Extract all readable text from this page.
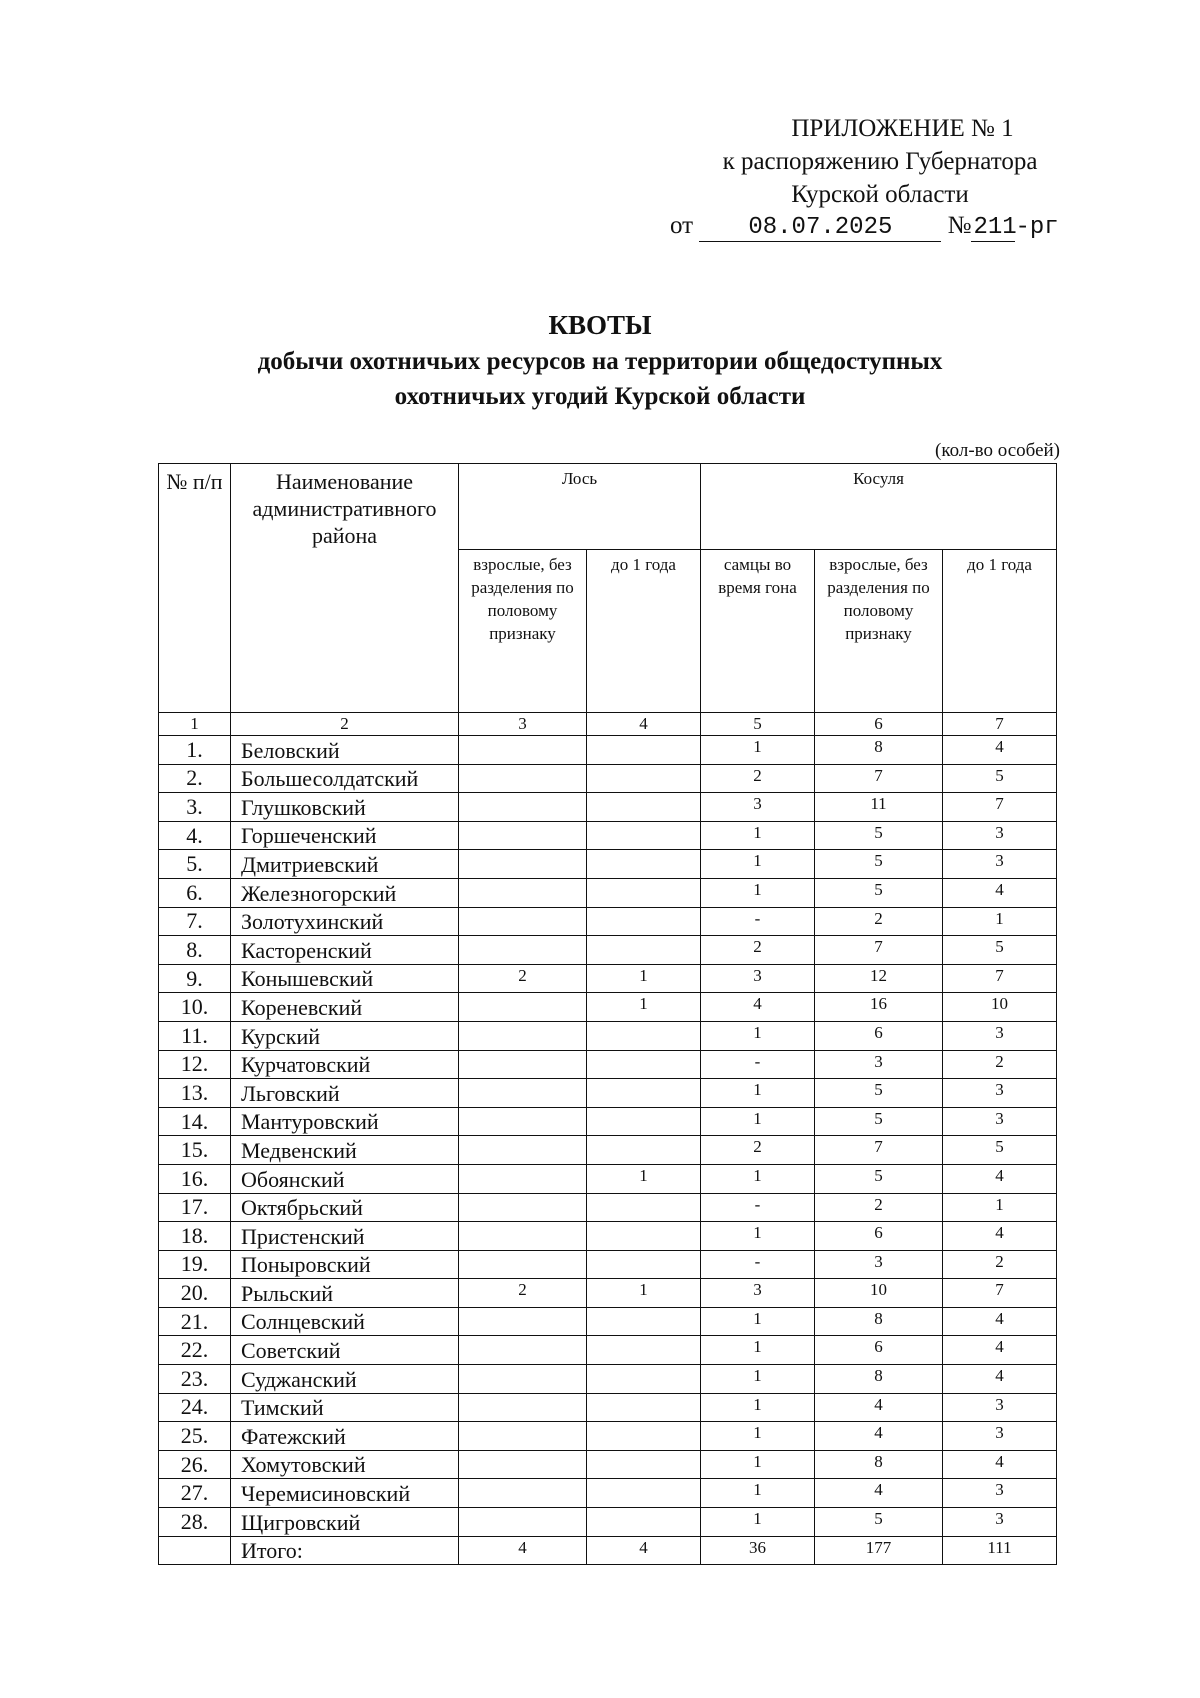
ПРИЛОЖЕНИЕ № 1
к распоряжению Губернатора
Курской области
от 08.07.2025 №211-рг
КВОТЫ
добычи охотничьих ресурсов на территории общедоступных
охотничьих угодий Курской области
(кол-во особей)
№ п/п	Наименование административного района	Лось		Косуля		
		взрослые, без разделения по половому признаку	до 1 года	самцы во время гона	взрослые, без разделения по половому признаку	до 1 года
1	2	3	4	5	6	7
1.	Беловский			1	8	4
2.	Большесолдатский			2	7	5
3.	Глушковский			3	11	7
4.	Горшеченский			1	5	3
5.	Дмитриевский			1	5	3
6.	Железногорский			1	5	4
7.	Золотухинский			-	2	1
8.	Касторенский			2	7	5
9.	Конышевский	2	1	3	12	7
10.	Кореневский		1	4	16	10
11.	Курский			1	6	3
12.	Курчатовский			-	3	2
13.	Льговский			1	5	3
14.	Мантуровский			1	5	3
15.	Медвенский			2	7	5
16.	Обоянский		1	1	5	4
17.	Октябрьский			-	2	1
18.	Пристенский			1	6	4
19.	Поныровский			-	3	2
20.	Рыльский	2	1	3	10	7
21.	Солнцевский			1	8	4
22.	Советский			1	6	4
23.	Суджанский			1	8	4
24.	Тимский			1	4	3
25.	Фатежский			1	4	3
26.	Хомутовский			1	8	4
27.	Черемисиновский			1	4	3
28.	Щигровский			1	5	3
	Итого:	4	4	36	177	111
